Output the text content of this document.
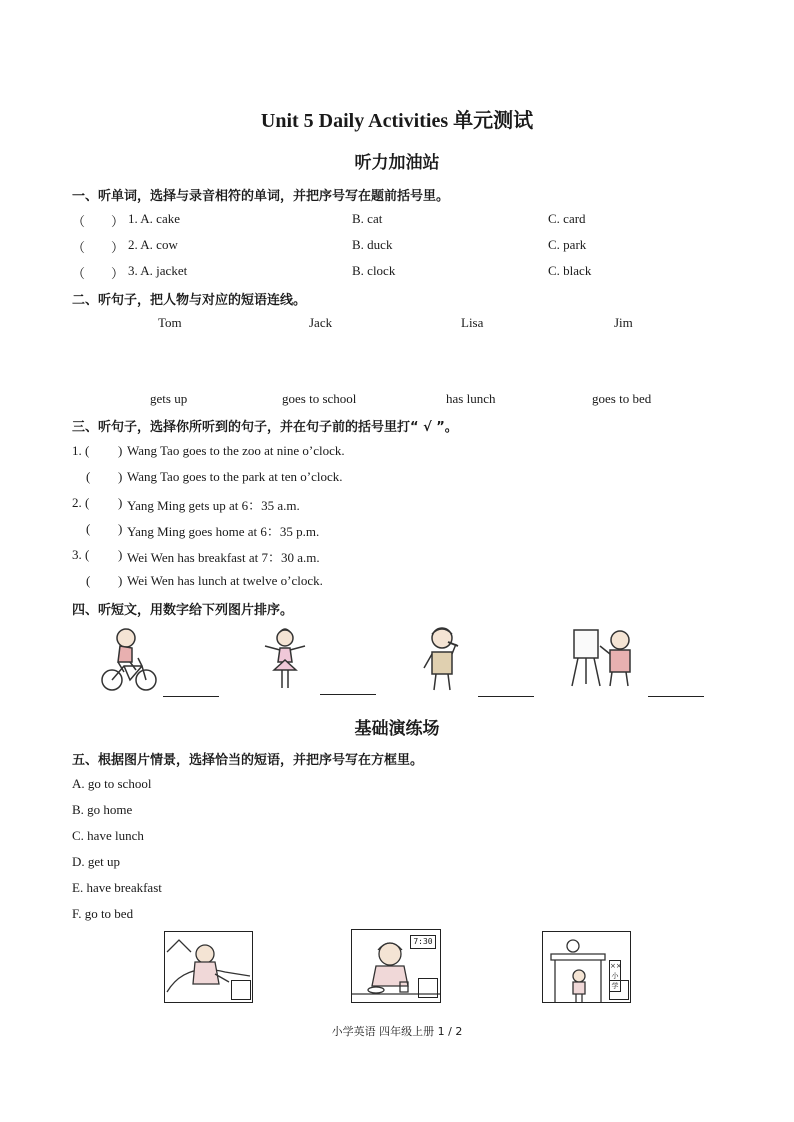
Unit 5 Daily Activities 单元测试
听力加油站
一、听单词，选择与录音相符的单词，并把序号写在题前括号里。
（　　） 1. A. cake	B. cat	C. card
（　　） 2. A. cow	B. duck	C. park
（　　） 3. A. jacket	B. clock	C. black
二、听句子，把人物与对应的短语连线。
Tom	Jack	Lisa	Jim
gets up	goes to school	has lunch	goes to bed
三、听句子，选择你所听到的句子，并在句子前的括号里打“ √ ”。
1. ( ) Wang Tao goes to the zoo at nine o’clock.
( ) Wang Tao goes to the park at ten o’clock.
2. ( ) Yang Ming gets up at 6：35 a.m.
( ) Yang Ming goes home at 6：35 p.m.
3. ( ) Wei Wen has breakfast at 7：30 a.m.
( ) Wei Wen has lunch at twelve o’clock.
四、听短文，用数字给下列图片排序。
基础演练场
五、根据图片情景，选择恰当的短语，并把序号写在方框里。
A. go to school
B. go home
C. have lunch
D. get up
E. have breakfast
F. go to bed
7:30
××小学
小学英语 四年级上册 1 / 2
